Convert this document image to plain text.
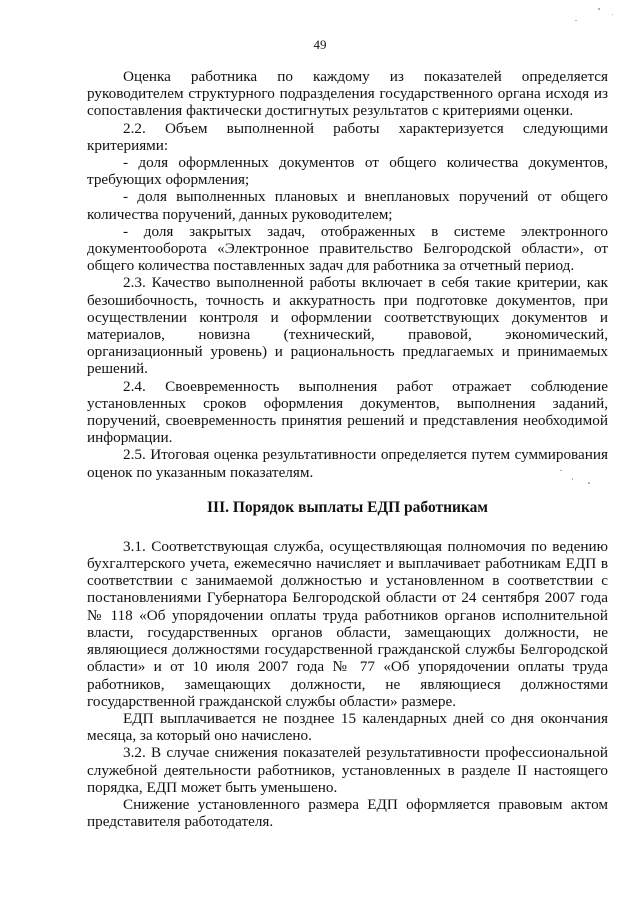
49

Оценка работника по каждому из показателей определяется руководителем структурного подразделения государственного органа исходя из сопоставления фактически достигнутых результатов с критериями оценки.

2.2. Объем выполненной работы характеризуется следующими критериями:

- доля оформленных документов от общего количества документов, требующих оформления;

- доля выполненных плановых и внеплановых поручений от общего количества поручений, данных руководителем;

- доля закрытых задач, отображенных в системе электронного документооборота «Электронное правительство Белгородской области», от общего количества поставленных задач для работника за отчетный период.

2.3. Качество выполненной работы включает в себя такие критерии, как безошибочность, точность и аккуратность при подготовке документов, при осуществлении контроля и оформлении соответствующих документов и материалов, новизна (технический, правовой, экономический, организационный уровень) и рациональность предлагаемых и принимаемых решений.

2.4. Своевременность выполнения работ отражает соблюдение установленных сроков оформления документов, выполнения заданий, поручений, своевременность принятия решений и представления необходимой информации.

2.5. Итоговая оценка результативности определяется путем суммирования оценок по указанным показателям.

III. Порядок выплаты ЕДП работникам

3.1. Соответствующая служба, осуществляющая полномочия по ведению бухгалтерского учета, ежемесячно начисляет и выплачивает работникам ЕДП в соответствии с занимаемой должностью и установленном в соответствии с постановлениями Губернатора Белгородской области от 24 сентября 2007 года № 118 «Об упорядочении оплаты труда работников органов исполнительной власти, государственных органов области, замещающих должности, не являющиеся должностями государственной гражданской службы Белгородской области» и от 10 июля 2007 года № 77 «Об упорядочении оплаты труда работников, замещающих должности, не являющиеся должностями государственной гражданской службы области» размере.

ЕДП выплачивается не позднее 15 календарных дней со дня окончания месяца, за который оно начислено.

3.2. В случае снижения показателей результативности профессиональной служебной деятельности работников, установленных в разделе II настоящего порядка, ЕДП может быть уменьшено.

Снижение установленного размера ЕДП оформляется правовым актом представителя работодателя.
